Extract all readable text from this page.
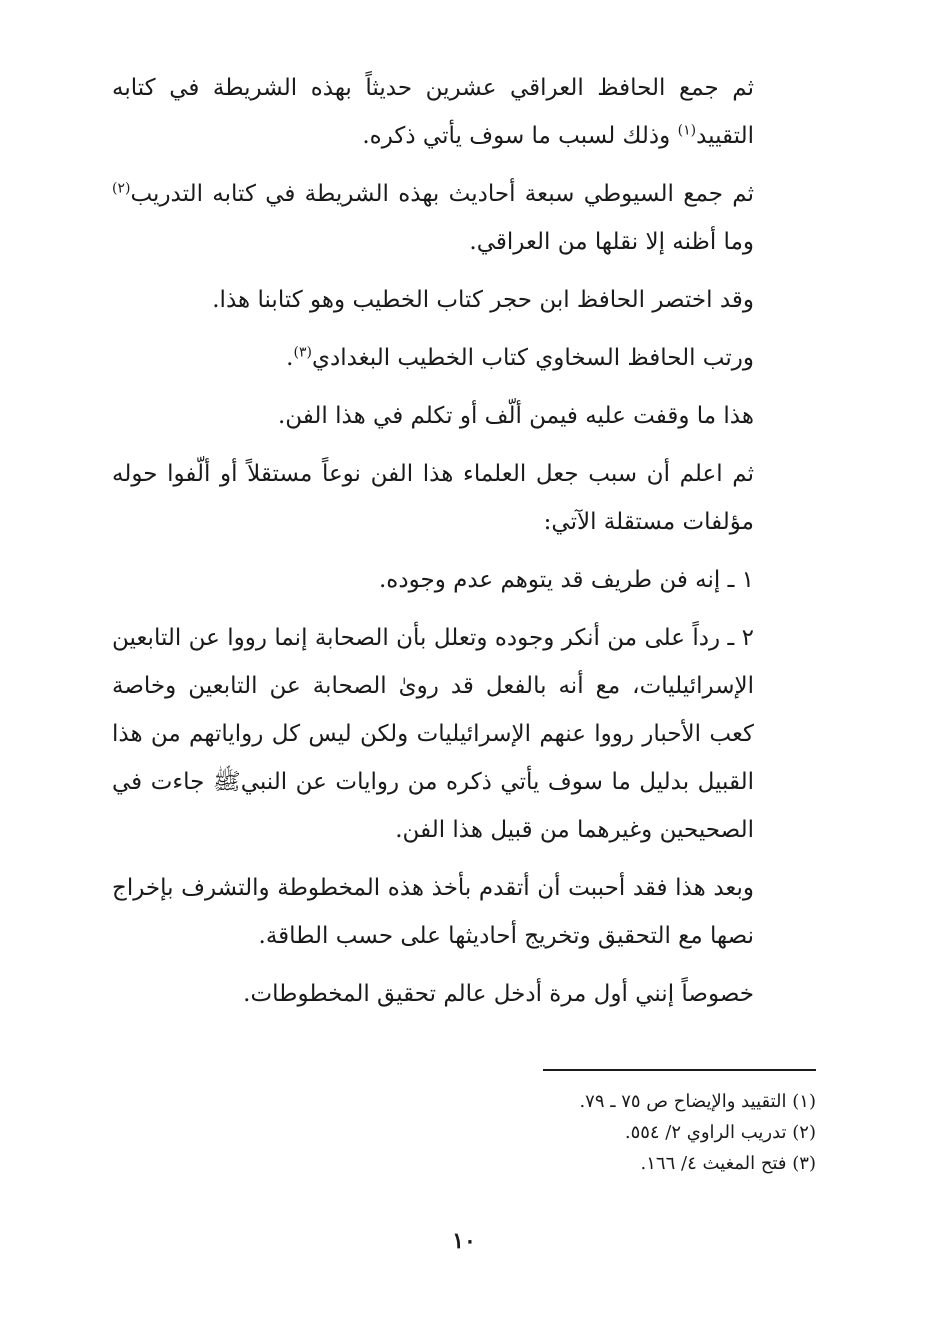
ثم جمع الحافظ العراقي عشرين حديثاً بهذه الشريطة في كتابه التقييد$^{(١)}$ وذلك لسبب ما سوف يأتي ذكره.

ثم جمع السيوطي سبعة أحاديث بهذه الشريطة في كتابه التدريب$^{(٢)}$ وما أظنه إلا نقلها من العراقي.

وقد اختصر الحافظ ابن حجر كتاب الخطيب وهو كتابنا هذا.

ورتب الحافظ السخاوي كتاب الخطيب البغدادي$^{(٣)}$.

هذا ما وقفت عليه فيمن ألّف أو تكلم في هذا الفن.

ثم اعلم أن سبب جعل العلماء هذا الفن نوعاً مستقلاً أو ألّفوا حوله مؤلفات مستقلة الآتي:

١ ـ إنه فن طريف قد يتوهم عدم وجوده.

٢ ـ رداً على من أنكر وجوده وتعلل بأن الصحابة إنما رووا عن التابعين الإسرائيليات، مع أنه بالفعل قد روىٰ الصحابة عن التابعين وخاصة كعب الأحبار رووا عنهم الإسرائيليات ولكن ليس كل رواياتهم من هذا القبيل بدليل ما سوف يأتي ذكره من روايات عن النبيﷺ جاءت في الصحيحين وغيرهما من قبيل هذا الفن.

وبعد هذا فقد أحببت أن أتقدم بأخذ هذه المخطوطة والتشرف بإخراج نصها مع التحقيق وتخريج أحاديثها على حسب الطاقة.

خصوصاً إنني أول مرة أدخل عالم تحقيق المخطوطات.

(١) التقييد والإيضاح ص ٧٥ ـ ٧٩.

(٢) تدريب الراوي ٢/ ٥٥٤.

(٣) فتح المغيث ٤/ ١٦٦.

١٠
